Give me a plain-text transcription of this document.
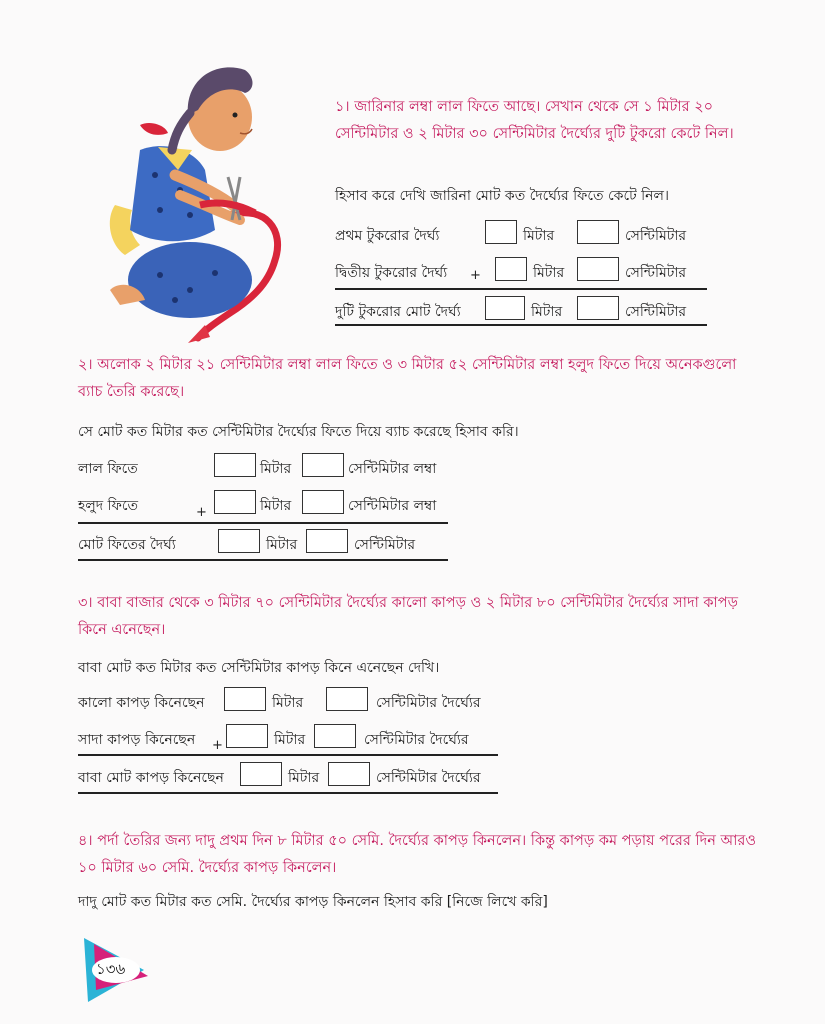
১। জারিনার লম্বা লাল ফিতে আছে। সেখান থেকে সে ১ মিটার ২০ সেন্টিমিটার ও ২ মিটার ৩০ সেন্টিমিটার দৈর্ঘ্যের দুটি টুকরো কেটে নিল।
হিসাব করে দেখি জারিনা মোট কত দৈর্ঘ্যের ফিতে কেটে নিল।
প্রথম টুকরোর দৈর্ঘ্য	মিটার	সেন্টিমিটার
+
দ্বিতীয় টুকরোর দৈর্ঘ্য	মিটার	সেন্টিমিটার
দুটি টুকরোর মোট দৈর্ঘ্য	মিটার	সেন্টিমিটার
২। অলোক ২ মিটার ২১ সেন্টিমিটার লম্বা লাল ফিতে ও ৩ মিটার ৫২ সেন্টিমিটার লম্বা হলুদ ফিতে দিয়ে অনেকগুলো ব্যাচ তৈরি করেছে।
সে মোট কত মিটার কত সেন্টিমিটার দৈর্ঘ্যের ফিতে দিয়ে ব্যাচ করেছে হিসাব করি।
লাল ফিতে	মিটার	সেন্টিমিটার লম্বা
+
হলুদ ফিতে	মিটার	সেন্টিমিটার লম্বা
মোট ফিতের দৈর্ঘ্য	মিটার	সেন্টিমিটার
৩। বাবা বাজার থেকে ৩ মিটার ৭০ সেন্টিমিটার দৈর্ঘ্যের কালো কাপড় ও ২ মিটার ৮০ সেন্টিমিটার দৈর্ঘ্যের সাদা কাপড় কিনে এনেছেন।
বাবা মোট কত মিটার কত সেন্টিমিটার কাপড় কিনে এনেছেন দেখি।
কালো কাপড় কিনেছেন	মিটার	সেন্টিমিটার দৈর্ঘ্যের
+
সাদা কাপড় কিনেছেন	মিটার	সেন্টিমিটার দৈর্ঘ্যের
বাবা মোট কাপড় কিনেছেন	মিটার	সেন্টিমিটার দৈর্ঘ্যের
৪। পর্দা তৈরির জন্য দাদু প্রথম দিন ৮ মিটার ৫০ সেমি. দৈর্ঘ্যের কাপড় কিনলেন। কিন্তু কাপড় কম পড়ায় পরের দিন আরও ১০ মিটার ৬০ সেমি. দৈর্ঘ্যের কাপড় কিনলেন।
দাদু মোট কত মিটার কত সেমি. দৈর্ঘ্যের কাপড় কিনলেন হিসাব করি [নিজে লিখে করি]
১৩৬
